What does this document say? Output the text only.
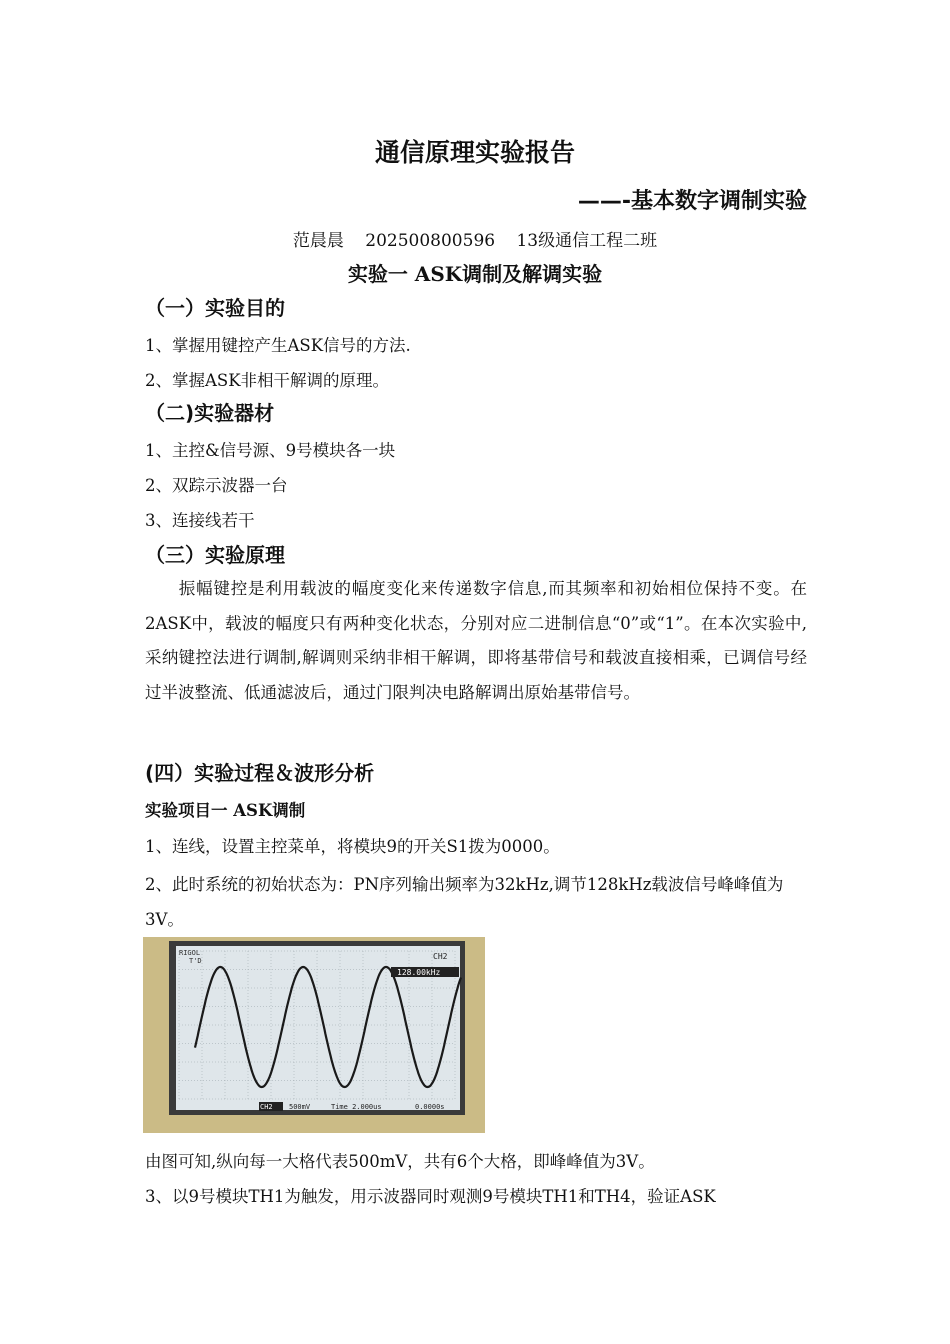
通信原理实验报告
——-基本数字调制实验
范晨晨 202500800596 13级通信工程二班
实验一 ASK调制及解调实验
（一）实验目的
1、掌握用键控产生ASK信号的方法.
2、掌握ASK非相干解调的原理。
（二)实验器材
1、主控&信号源、9号模块各一块
2、双踪示波器一台
3、连接线若干
（三）实验原理
振幅键控是利用载波的幅度变化来传递数字信息,而其频率和初始相位保持不变。在2ASK中，载波的幅度只有两种变化状态，分别对应二进制信息“0”或“1”。在本次实验中,采纳键控法进行调制,解调则采纳非相干解调，即将基带信号和载波直接相乘，已调信号经过半波整流、低通滤波后，通过门限判决电路解调出原始基带信号。
(四）实验过程＆波形分析
实验项目一 ASK调制
1、连线，设置主控菜单，将模块9的开关S1拨为0000。
2、此时系统的初始状态为：PN序列输出频率为32kHz,调节128kHz载波信号峰峰值为3V。
RIGOL
T'D	CH2
128.00kHz
CH2 500mV	Time 2.000us	0.0000s
由图可知,纵向每一大格代表500mV，共有6个大格，即峰峰值为3V。
3、以9号模块TH1为触发，用示波器同时观测9号模块TH1和TH4，验证ASK
